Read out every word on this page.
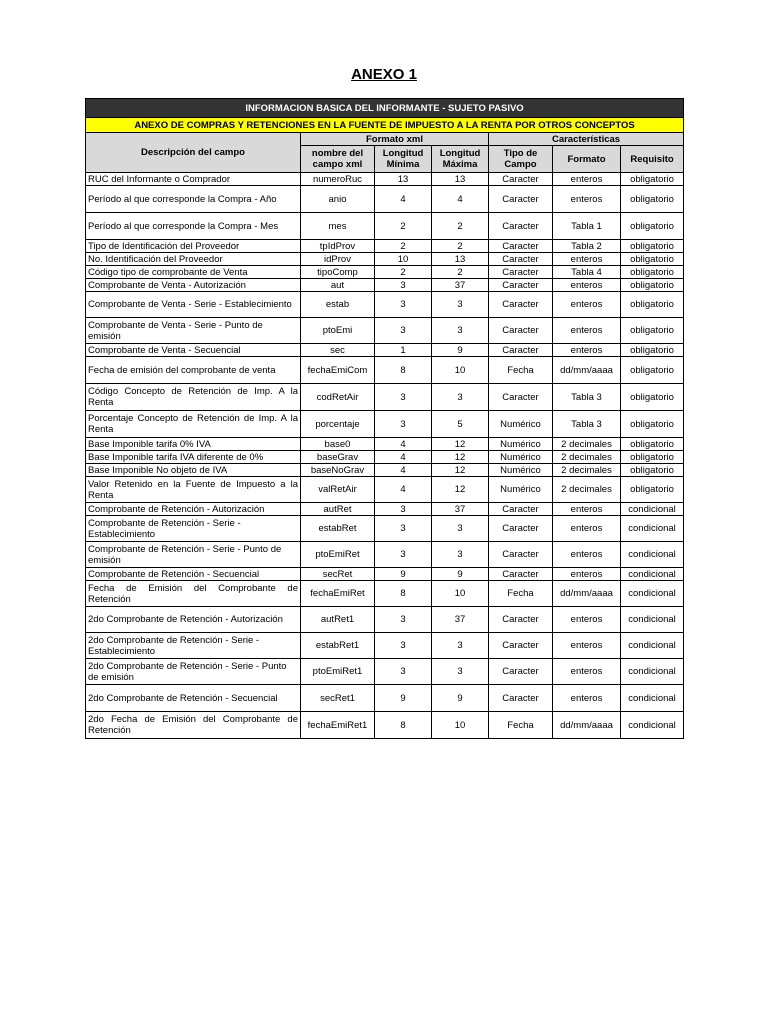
ANEXO 1
INFORMACION BASICA DEL INFORMANTE - SUJETO PASIVO						
ANEXO DE COMPRAS Y RETENCIONES EN LA FUENTE DE IMPUESTO A LA RENTA POR OTROS CONCEPTOS						
Descripción del campo	Formato xml			Características		
	nombre del campo xml	Longitud Mínima	Longitud Máxima	Tipo de Campo	Formato	Requisito
RUC del Informante o Comprador	numeroRuc	13	13	Caracter	enteros	obligatorio
Período al que corresponde la Compra - Año	anio	4	4	Caracter	enteros	obligatorio
Período al que corresponde la Compra - Mes	mes	2	2	Caracter	Tabla 1	obligatorio
Tipo de Identificación del Proveedor	tpIdProv	2	2	Caracter	Tabla 2	obligatorio
No. Identificación del Proveedor	idProv	10	13	Caracter	enteros	obligatorio
Código tipo de comprobante de Venta	tipoComp	2	2	Caracter	Tabla 4	obligatorio
Comprobante de Venta - Autorización	aut	3	37	Caracter	enteros	obligatorio
Comprobante de Venta - Serie - Establecimiento	estab	3	3	Caracter	enteros	obligatorio
Comprobante de Venta - Serie - Punto de emisión	ptoEmi	3	3	Caracter	enteros	obligatorio
Comprobante de Venta - Secuencial	sec	1	9	Caracter	enteros	obligatorio
Fecha de emisión del comprobante de venta	fechaEmiCom	8	10	Fecha	dd/mm/aaaa	obligatorio
Código Concepto de Retención de Imp. A la Renta	codRetAir	3	3	Caracter	Tabla 3	obligatorio
Porcentaje Concepto de Retención de Imp. A la Renta	porcentaje	3	5	Numérico	Tabla 3	obligatorio
Base Imponible tarifa 0% IVA	base0	4	12	Numérico	2 decimales	obligatorio
Base Imponible tarifa IVA diferente de 0%	baseGrav	4	12	Numérico	2 decimales	obligatorio
Base Imponible No objeto de IVA	baseNoGrav	4	12	Numérico	2 decimales	obligatorio
Valor Retenido en la Fuente de Impuesto a la Renta	valRetAir	4	12	Numérico	2 decimales	obligatorio
Comprobante de Retención - Autorización	autRet	3	37	Caracter	enteros	condicional
Comprobante de Retención - Serie - Establecimiento	estabRet	3	3	Caracter	enteros	condicional
Comprobante de Retención - Serie - Punto de emisión	ptoEmiRet	3	3	Caracter	enteros	condicional
Comprobante de Retención - Secuencial	secRet	9	9	Caracter	enteros	condicional
Fecha de Emisión del Comprobante de Retención	fechaEmiRet	8	10	Fecha	dd/mm/aaaa	condicional
2do Comprobante de Retención - Autorización	autRet1	3	37	Caracter	enteros	condicional
2do Comprobante de Retención - Serie - Establecimiento	estabRet1	3	3	Caracter	enteros	condicional
2do Comprobante de Retención - Serie - Punto de emisión	ptoEmiRet1	3	3	Caracter	enteros	condicional
2do Comprobante de Retención - Secuencial	secRet1	9	9	Caracter	enteros	condicional
2do Fecha de Emisión del Comprobante de Retención	fechaEmiRet1	8	10	Fecha	dd/mm/aaaa	condicional
